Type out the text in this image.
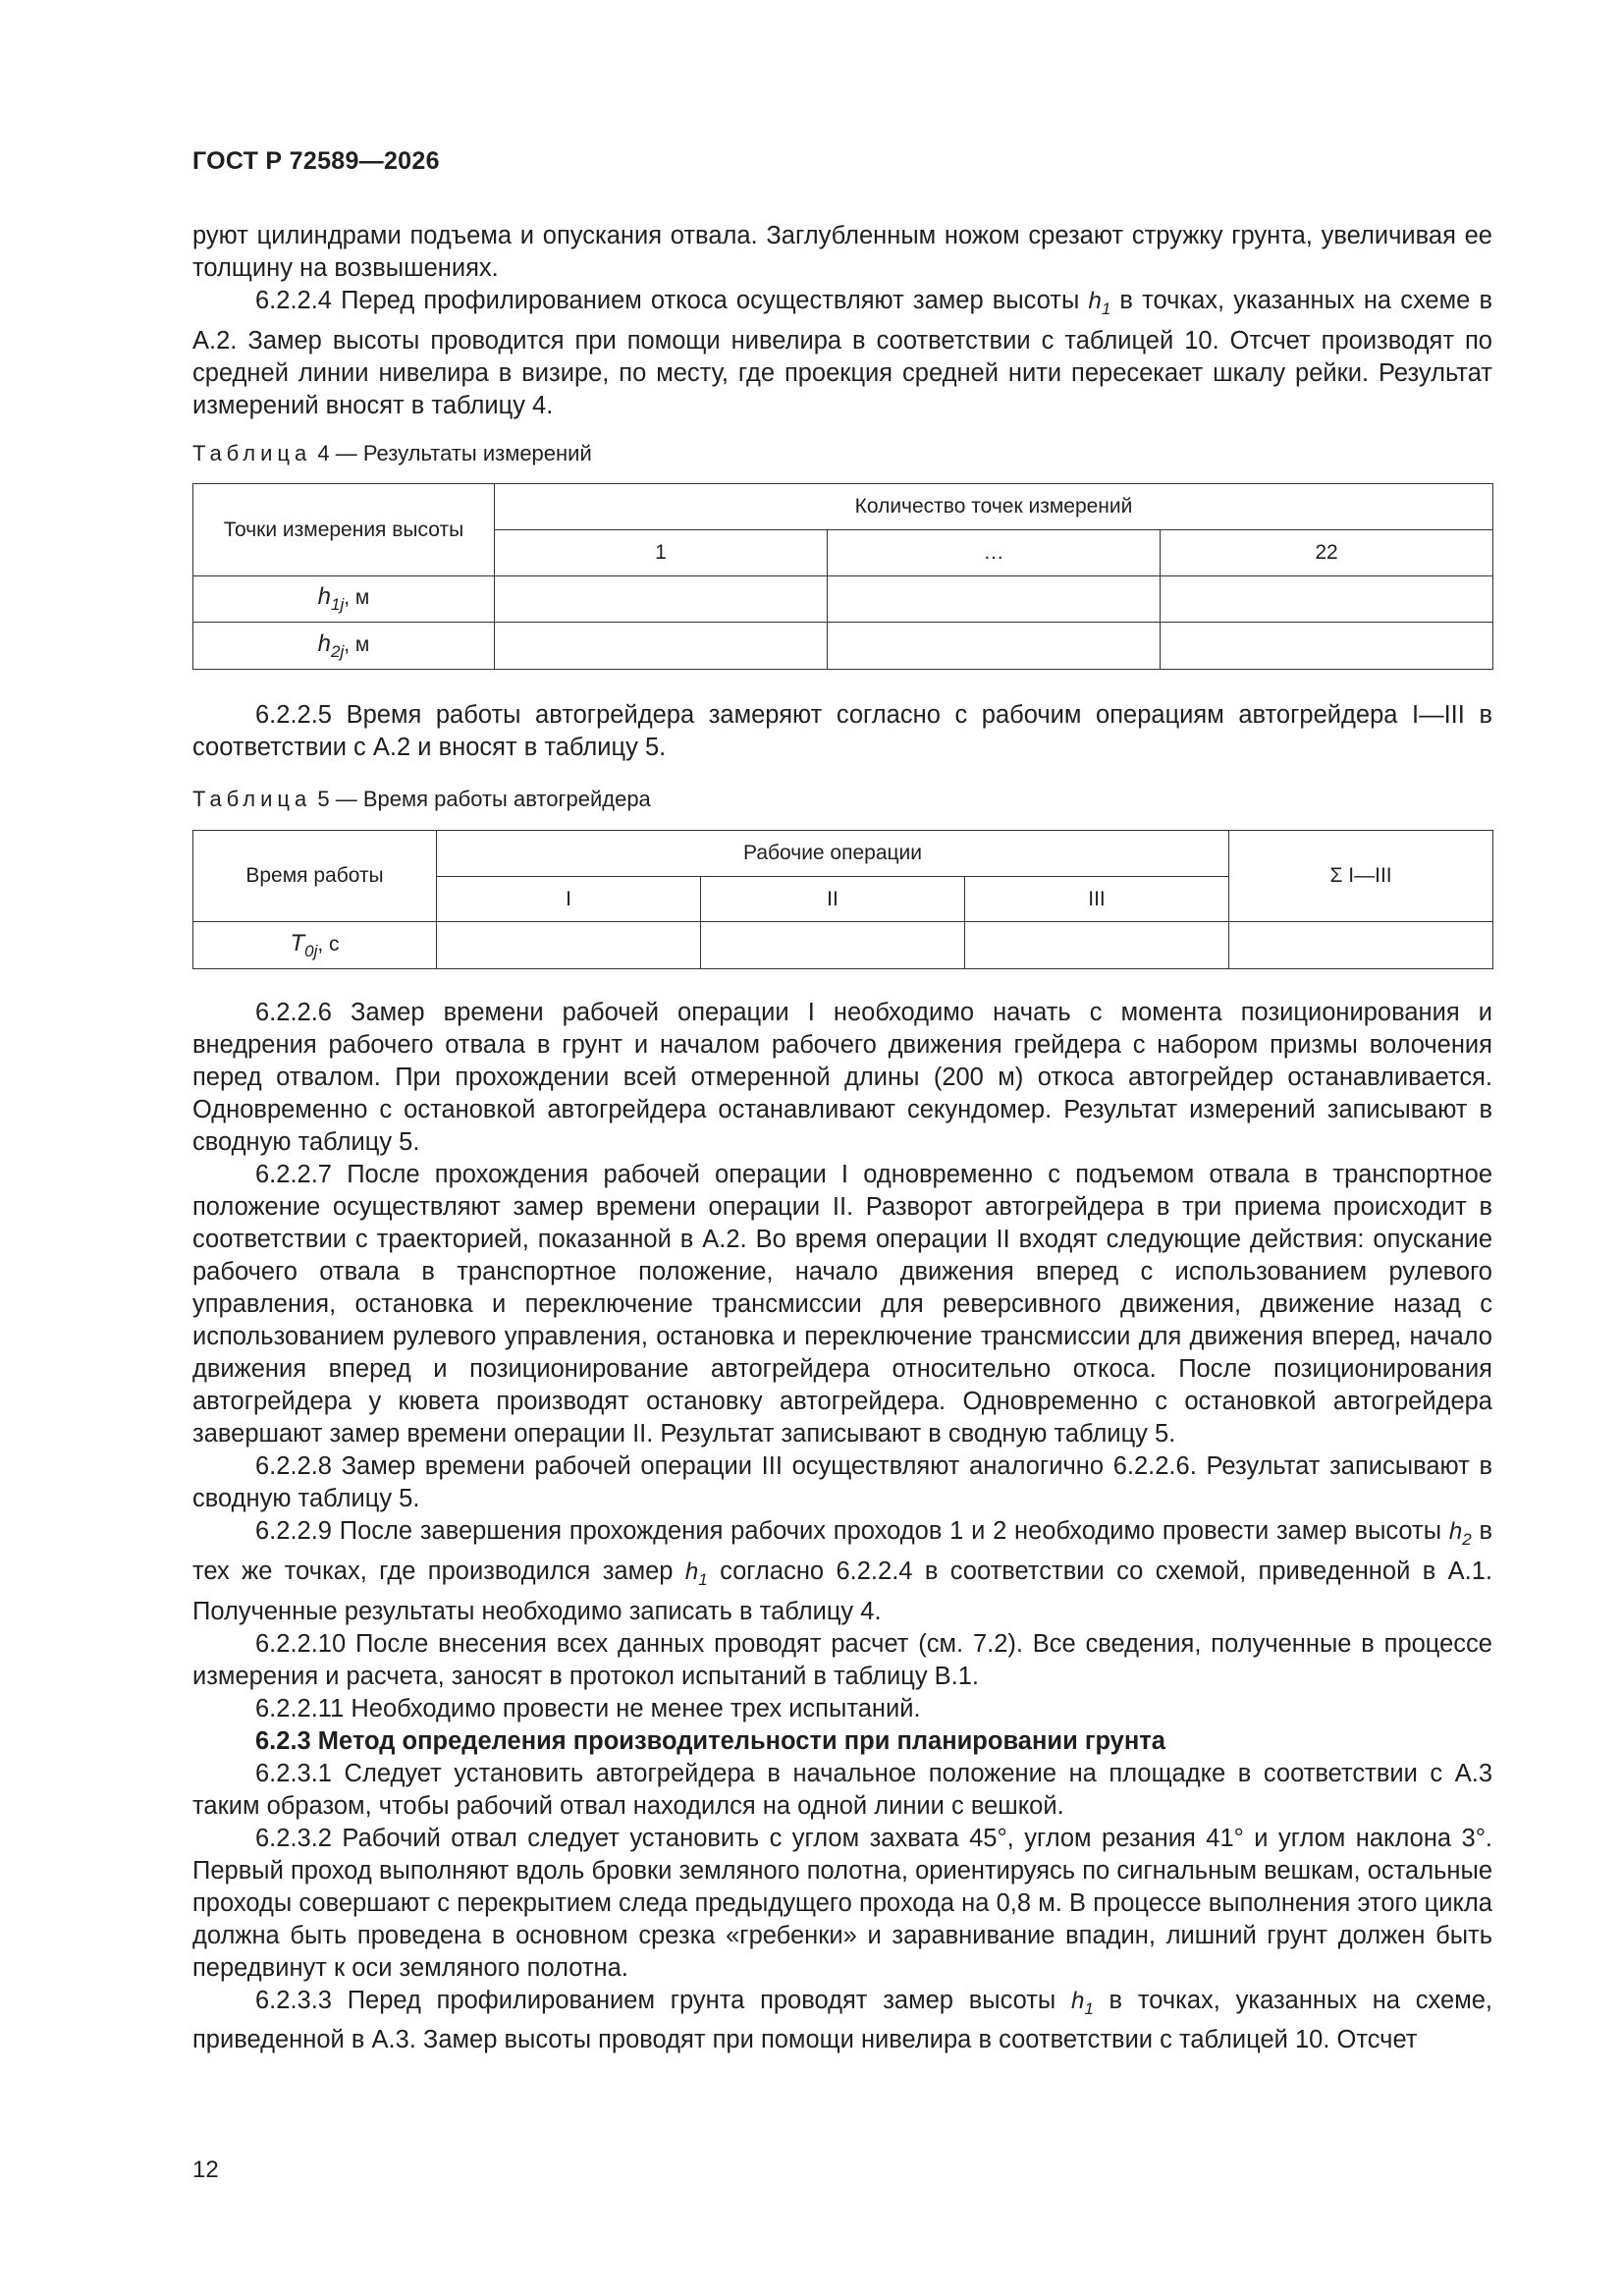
ГОСТ Р 72589—2026

руют цилиндрами подъема и опускания отвала. Заглубленным ножом срезают стружку грунта, увеличивая ее толщину на возвышениях.

6.2.2.4 Перед профилированием откоса осуществляют замер высоты $h_1$ в точках, указанных на схеме в А.2. Замер высоты проводится при помощи нивелира в соответствии с таблицей 10. Отсчет производят по средней линии нивелира в визире, по месту, где проекция средней нити пересекает шкалу рейки. Результат измерений вносят в таблицу 4.

Таблица 4 — Результаты измерений
Точки измерения высоты	Количество точек измерений		
	1	…	22
$h_{1j}$, м			
$h_{2j}$, м			

6.2.2.5 Время работы автогрейдера замеряют согласно с рабочим операциям автогрейдера I—III в соответствии с А.2 и вносят в таблицу 5.

Таблица 5 — Время работы автогрейдера
Время работы	Рабочие операции			Σ I—III
	I	II	III	
$T_{0j}$, с				

6.2.2.6 Замер времени рабочей операции I необходимо начать с момента позиционирования и внедрения рабочего отвала в грунт и началом рабочего движения грейдера с набором призмы волочения перед отвалом. При прохождении всей отмеренной длины (200 м) откоса автогрейдер останавливается. Одновременно с остановкой автогрейдера останавливают секундомер. Результат измерений записывают в сводную таблицу 5.

6.2.2.7 После прохождения рабочей операции I одновременно с подъемом отвала в транспортное положение осуществляют замер времени операции II. Разворот автогрейдера в три приема происходит в соответствии с траекторией, показанной в А.2. Во время операции II входят следующие действия: опускание рабочего отвала в транспортное положение, начало движения вперед с использованием рулевого управления, остановка и переключение трансмиссии для реверсивного движения, движение назад с использованием рулевого управления, остановка и переключение трансмиссии для движения вперед, начало движения вперед и позиционирование автогрейдера относительно откоса. После позиционирования автогрейдера у кювета производят остановку автогрейдера. Одновременно с остановкой автогрейдера завершают замер времени операции II. Результат записывают в сводную таблицу 5.

6.2.2.8 Замер времени рабочей операции III осуществляют аналогично 6.2.2.6. Результат записывают в сводную таблицу 5.

6.2.2.9 После завершения прохождения рабочих проходов 1 и 2 необходимо провести замер высоты $h_2$ в тех же точках, где производился замер $h_1$ согласно 6.2.2.4 в соответствии со схемой, приведенной в А.1. Полученные результаты необходимо записать в таблицу 4.

6.2.2.10 После внесения всех данных проводят расчет (см. 7.2). Все сведения, полученные в процессе измерения и расчета, заносят в протокол испытаний в таблицу В.1.

6.2.2.11 Необходимо провести не менее трех испытаний.

6.2.3 Метод определения производительности при планировании грунта

6.2.3.1 Следует установить автогрейдера в начальное положение на площадке в соответствии с А.3 таким образом, чтобы рабочий отвал находился на одной линии с вешкой.

6.2.3.2 Рабочий отвал следует установить с углом захвата 45°, углом резания 41° и углом наклона 3°. Первый проход выполняют вдоль бровки земляного полотна, ориентируясь по сигнальным вешкам, остальные проходы совершают с перекрытием следа предыдущего прохода на 0,8 м. В процессе выполнения этого цикла должна быть проведена в основном срезка «гребенки» и заравнивание впадин, лишний грунт должен быть передвинут к оси земляного полотна.

6.2.3.3 Перед профилированием грунта проводят замер высоты $h_1$ в точках, указанных на схеме, приведенной в А.3. Замер высоты проводят при помощи нивелира в соответствии с таблицей 10. Отсчет

12
